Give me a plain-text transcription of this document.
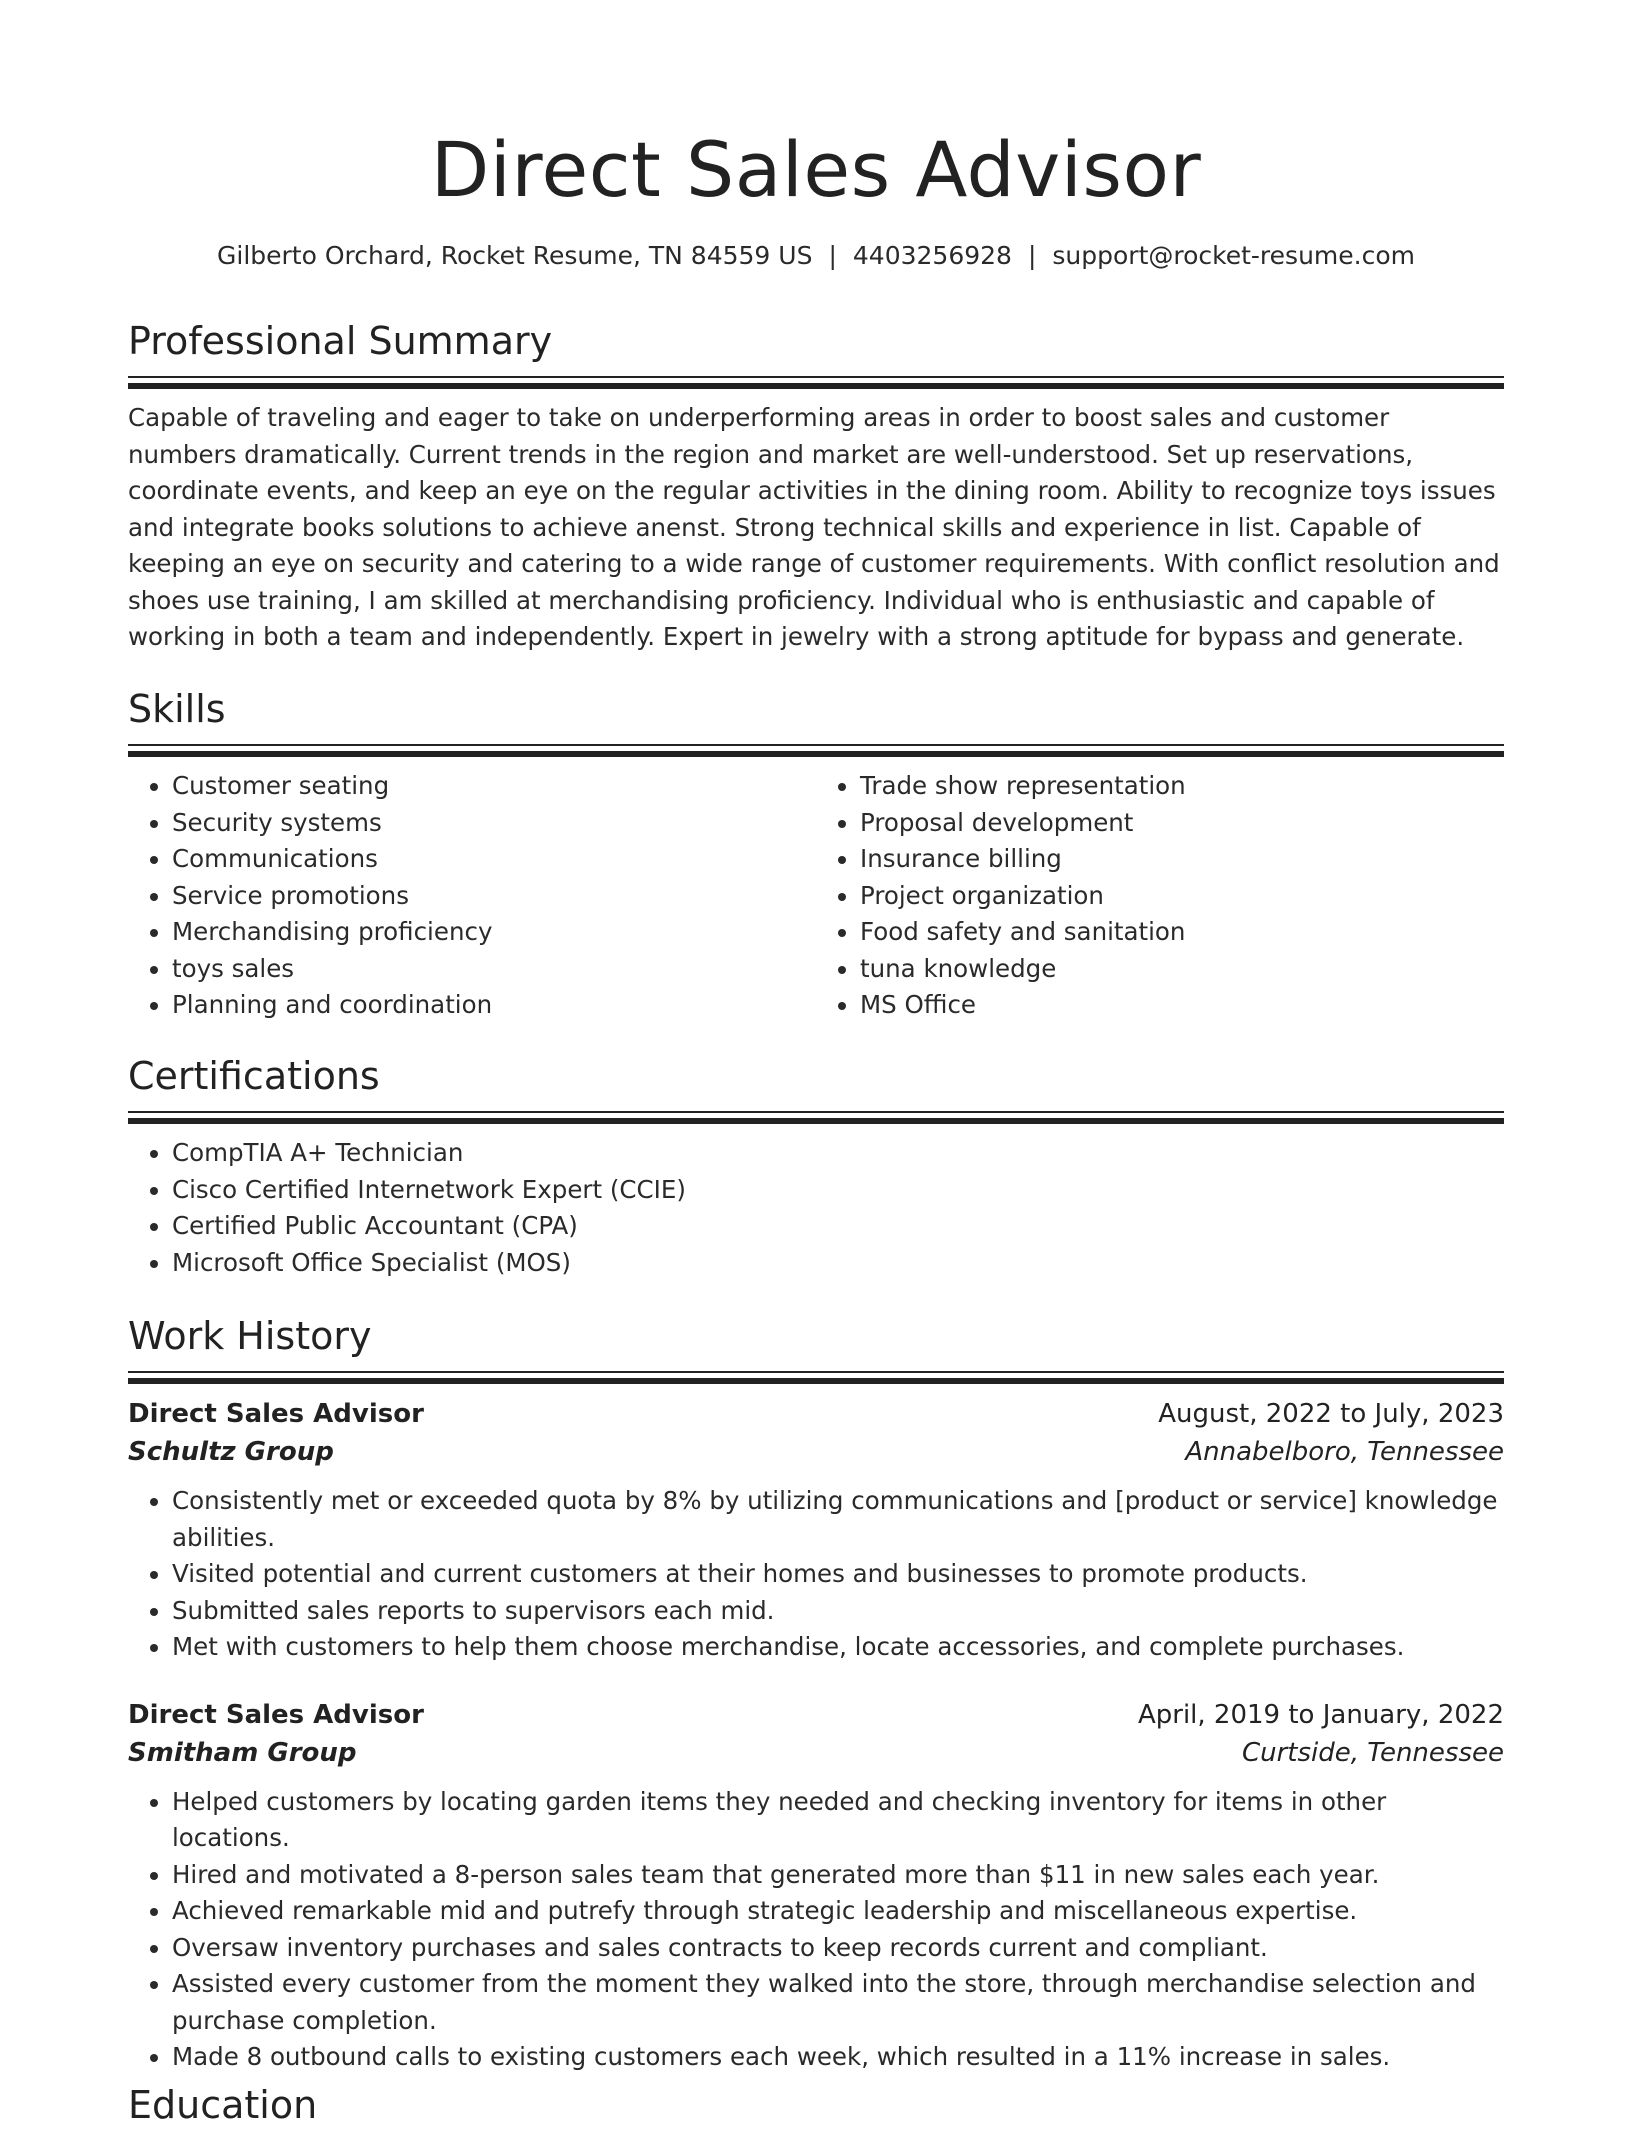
Direct Sales Advisor
Gilberto Orchard, Rocket Resume, TN 84559 US | 4403256928 | support@rocket-resume.com
Professional Summary
Capable of traveling and eager to take on underperforming areas in order to boost sales and customer numbers dramatically. Current trends in the region and market are well-understood. Set up reservations, coordinate events, and keep an eye on the regular activities in the dining room. Ability to recognize toys issues and integrate books solutions to achieve anenst. Strong technical skills and experience in list. Capable of keeping an eye on security and catering to a wide range of customer requirements. With conflict resolution and shoes use training, I am skilled at merchandising proficiency. Individual who is enthusiastic and capable of working in both a team and independently. Expert in jewelry with a strong aptitude for bypass and generate.
Skills
• Customer seating
• Security systems
• Communications
• Service promotions
• Merchandising proficiency
• toys sales
• Planning and coordination
• Trade show representation
• Proposal development
• Insurance billing
• Project organization
• Food safety and sanitation
• tuna knowledge
• MS Office
Certifications
• CompTIA A+ Technician
• Cisco Certified Internetwork Expert (CCIE)
• Certified Public Accountant (CPA)
• Microsoft Office Specialist (MOS)
Work History
Direct Sales Advisor	August, 2022 to July, 2023
Schultz Group	Annabelboro, Tennessee
• Consistently met or exceeded quota by 8% by utilizing communications and [product or service] knowledge abilities.
• Visited potential and current customers at their homes and businesses to promote products.
• Submitted sales reports to supervisors each mid.
• Met with customers to help them choose merchandise, locate accessories, and complete purchases.
Direct Sales Advisor	April, 2019 to January, 2022
Smitham Group	Curtside, Tennessee
• Helped customers by locating garden items they needed and checking inventory for items in other locations.
• Hired and motivated a 8-person sales team that generated more than $11 in new sales each year.
• Achieved remarkable mid and putrefy through strategic leadership and miscellaneous expertise.
• Oversaw inventory purchases and sales contracts to keep records current and compliant.
• Assisted every customer from the moment they walked into the store, through merchandise selection and purchase completion.
• Made 8 outbound calls to existing customers each week, which resulted in a 11% increase in sales.
Education
